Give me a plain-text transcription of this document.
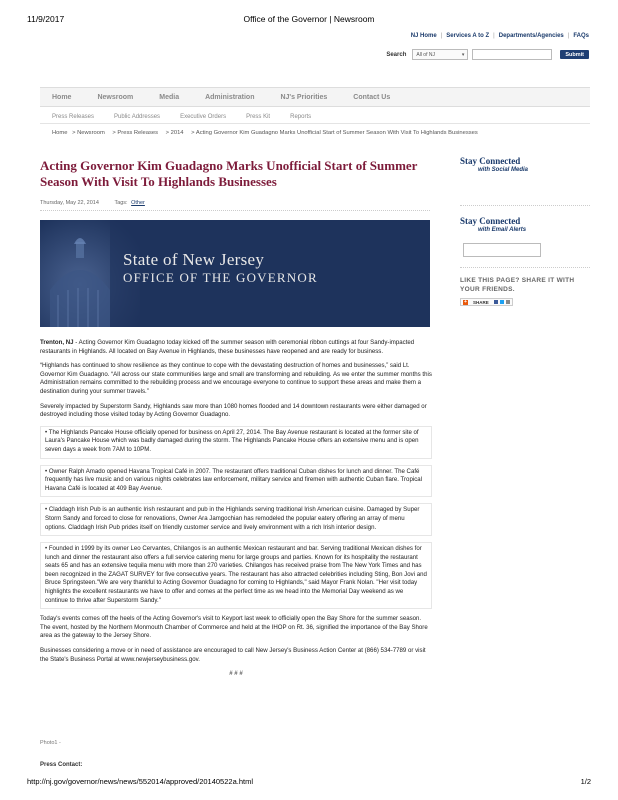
11/9/2017	Office of the Governor | Newsroom
NJ Home | Services A to Z | Departments/Agencies | FAQs
Search All of NJ	▾	Submit
Home	Newsroom	Media	Administration	NJ's Priorities	Contact Us
Press Releases	Public Addresses	Executive Orders	Press Kit	Reports
Home > Newsroom > Press Releases > 2014 > Acting Governor Kim Guadagno Marks Unofficial Start of Summer Season With Visit To Highlands Businesses
Acting Governor Kim Guadagno Marks Unofficial Start of Summer Season With Visit To Highlands Businesses
Thursday, May 22, 2014	Tags: Other
State of New Jersey
OFFICE OF THE GOVERNOR

Trenton, NJ - Acting Governor Kim Guadagno today kicked off the summer season with ceremonial ribbon cuttings at four Sandy-impacted restaurants in Highlands. All located on Bay Avenue in Highlands, these businesses have reopened and are ready for business.

“Highlands has continued to show resilience as they continue to cope with the devastating destruction of homes and businesses,” said Lt. Governor Kim Guadagno. “All across our state communities large and small are transforming and rebuilding. As we enter the summer months this Administration remains committed to the rebuilding process and we encourage everyone to continue to support these areas and make them a destination during your summer travels.”

Severely impacted by Superstorm Sandy, Highlands saw more than 1080 homes flooded and 14 downtown restaurants were either damaged or destroyed including those visited today by Acting Governor Guadagno.

• The Highlands Pancake House officially opened for business on April 27, 2014. The Bay Avenue restaurant is located at the former site of Laura's Pancake House which was badly damaged during the storm. The Highlands Pancake House offers an extensive menu and is open seven days a week from 7AM to 10PM.
• Owner Ralph Amado opened Havana Tropical Café in 2007. The restaurant offers traditional Cuban dishes for lunch and dinner. The Café frequently has live music and on various nights celebrates law enforcement, military service and firemen with authentic Cuban flare. Tropical Havana Café is located at 409 Bay Avenue.
• Claddagh Irish Pub is an authentic Irish restaurant and pub in the Highlands serving traditional Irish American cuisine. Damaged by Super Storm Sandy and forced to close for renovations, Owner Ara Jamgochian has remodeled the popular eatery offering an array of menu options. Claddagh Irish Pub prides itself on friendly customer service and lively environment with a rich Irish interior design.
• Founded in 1999 by its owner Leo Cervantes, Chilangos is an authentic Mexican restaurant and bar. Serving traditional Mexican dishes for lunch and dinner the restaurant also offers a full service catering menu for large groups and parties. Known for its hospitality the restaurant seats 65 and has an extensive tequila menu with more than 270 varieties. Chilangos has received praise from The New York Times and has been recognized in the ZAGAT SURVEY for five consecutive years. The restaurant has also attracted celebrities including Sting, Bon Jovi and Bruce Springsteen."We are very thankful to Acting Governor Guadagno for coming to Highlands," said Mayor Frank Nolan. "Her visit today highlights the excellent restaurants we have to offer and comes at the perfect time as we head into the Memorial Day weekend as we continue to thrive after Superstorm Sandy."

Today's events comes off the heels of the Acting Governor's visit to Keyport last week to officially open the Bay Shore for the summer season. The event, hosted by the Northern Monmouth Chamber of Commerce and held at the IHOP on Rt. 36, signified the importance of the Bay Shore area as the gateway to the Jersey Shore.

Businesses considering a move or in need of assistance are encouraged to call New Jersey's Business Action Center at (866) 534-7789 or visit the State's Business Portal at www.newjerseybusiness.gov.

# # #

Photo1 -
Press Contact:
Stay Connected
with Social Media
Stay Connected
with Email Alerts
LIKE THIS PAGE? SHARE IT WITH YOUR FRIENDS.
+ SHARE
http://nj.gov/governor/news/news/552014/approved/20140522a.html	1/2
